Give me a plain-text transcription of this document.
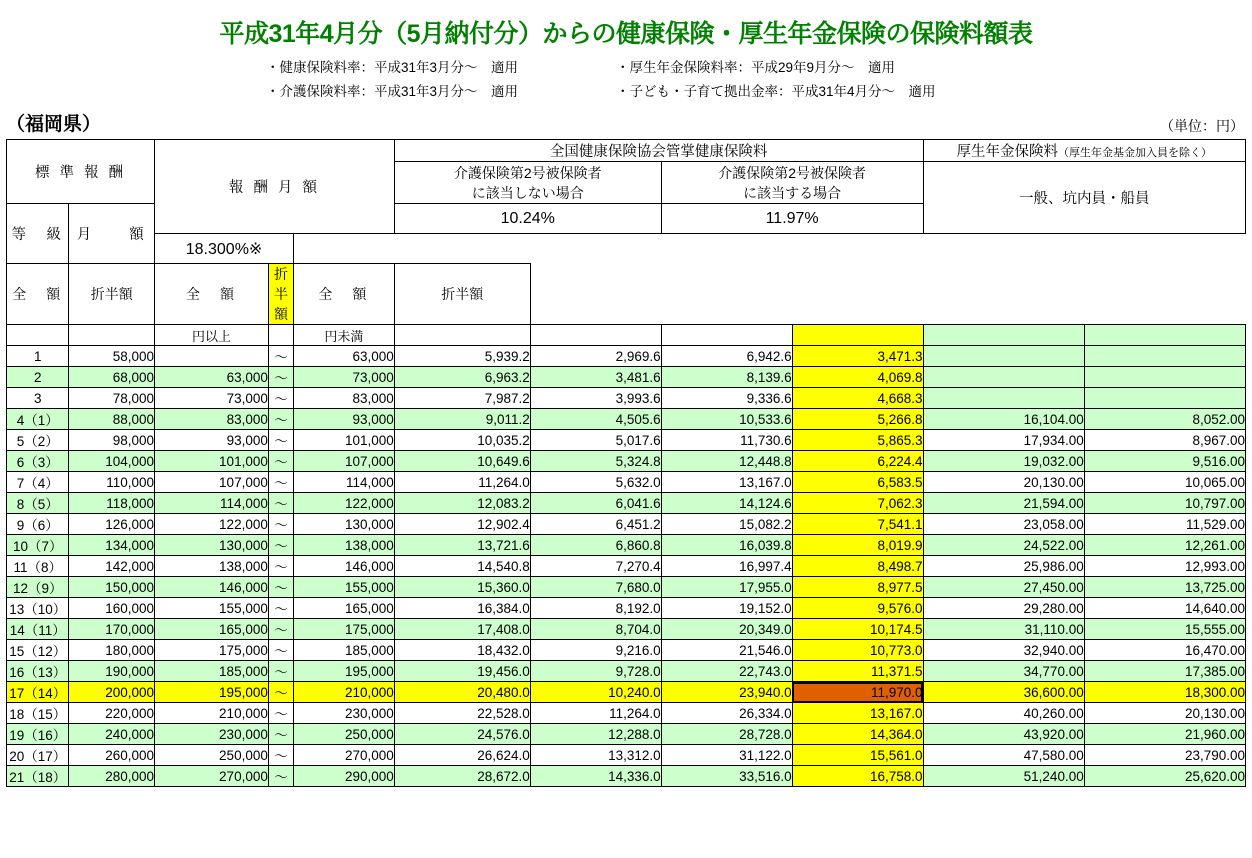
平成31年4月分（5月納付分）からの健康保険・厚生年金保険の保険料額表
・健康保険料率：平成31年3月分～　適用	・厚生年金保険料率：平成29年9月分～　適用
・介護保険料率：平成31年3月分～　適用	・子ども・子育て拠出金率：平成31年4月分～　適用
（福岡県）	（単位：円）
標 準 報 酬		報 酬 月 額			全国健康保険協会管掌健康保険料				厚生年金保険料（厚生年金基金加入員を除く）	

介護保険第2号被保険者
に該当しない場合

介護保険第2号被保険者
に該当する場合	一般、坑内員・船員
等　級	月　　額				10.24%		11.97%			
		18.300%※								
全　額	折半額	全　額	折半額	全　額	折半額					
		円以上		円未満						
1	58,000		～	63,000	5,939.2	2,969.6	6,942.6	3,471.3		
2	68,000	63,000	～	73,000	6,963.2	3,481.6	8,139.6	4,069.8		
3	78,000	73,000	～	83,000	7,987.2	3,993.6	9,336.6	4,668.3		
4（1）	88,000	83,000	～	93,000	9,011.2	4,505.6	10,533.6	5,266.8	16,104.00	8,052.00
5（2）	98,000	93,000	～	101,000	10,035.2	5,017.6	11,730.6	5,865.3	17,934.00	8,967.00
6（3）	104,000	101,000	～	107,000	10,649.6	5,324.8	12,448.8	6,224.4	19,032.00	9,516.00
7（4）	110,000	107,000	～	114,000	11,264.0	5,632.0	13,167.0	6,583.5	20,130.00	10,065.00
8（5）	118,000	114,000	～	122,000	12,083.2	6,041.6	14,124.6	7,062.3	21,594.00	10,797.00
9（6）	126,000	122,000	～	130,000	12,902.4	6,451.2	15,082.2	7,541.1	23,058.00	11,529.00
10（7）	134,000	130,000	～	138,000	13,721.6	6,860.8	16,039.8	8,019.9	24,522.00	12,261.00
11（8）	142,000	138,000	～	146,000	14,540.8	7,270.4	16,997.4	8,498.7	25,986.00	12,993.00
12（9）	150,000	146,000	～	155,000	15,360.0	7,680.0	17,955.0	8,977.5	27,450.00	13,725.00
13（10）	160,000	155,000	～	165,000	16,384.0	8,192.0	19,152.0	9,576.0	29,280.00	14,640.00
14（11）	170,000	165,000	～	175,000	17,408.0	8,704.0	20,349.0	10,174.5	31,110.00	15,555.00
15（12）	180,000	175,000	～	185,000	18,432.0	9,216.0	21,546.0	10,773.0	32,940.00	16,470.00
16（13）	190,000	185,000	～	195,000	19,456.0	9,728.0	22,743.0	11,371.5	34,770.00	17,385.00
17（14）	200,000	195,000	～	210,000	20,480.0	10,240.0	23,940.0	11,970.0	36,600.00	18,300.00
18（15）	220,000	210,000	～	230,000	22,528.0	11,264.0	26,334.0	13,167.0	40,260.00	20,130.00
19（16）	240,000	230,000	～	250,000	24,576.0	12,288.0	28,728.0	14,364.0	43,920.00	21,960.00
20（17）	260,000	250,000	～	270,000	26,624.0	13,312.0	31,122.0	15,561.0	47,580.00	23,790.00
21（18）	280,000	270,000	～	290,000	28,672.0	14,336.0	33,516.0	16,758.0	51,240.00	25,620.00
